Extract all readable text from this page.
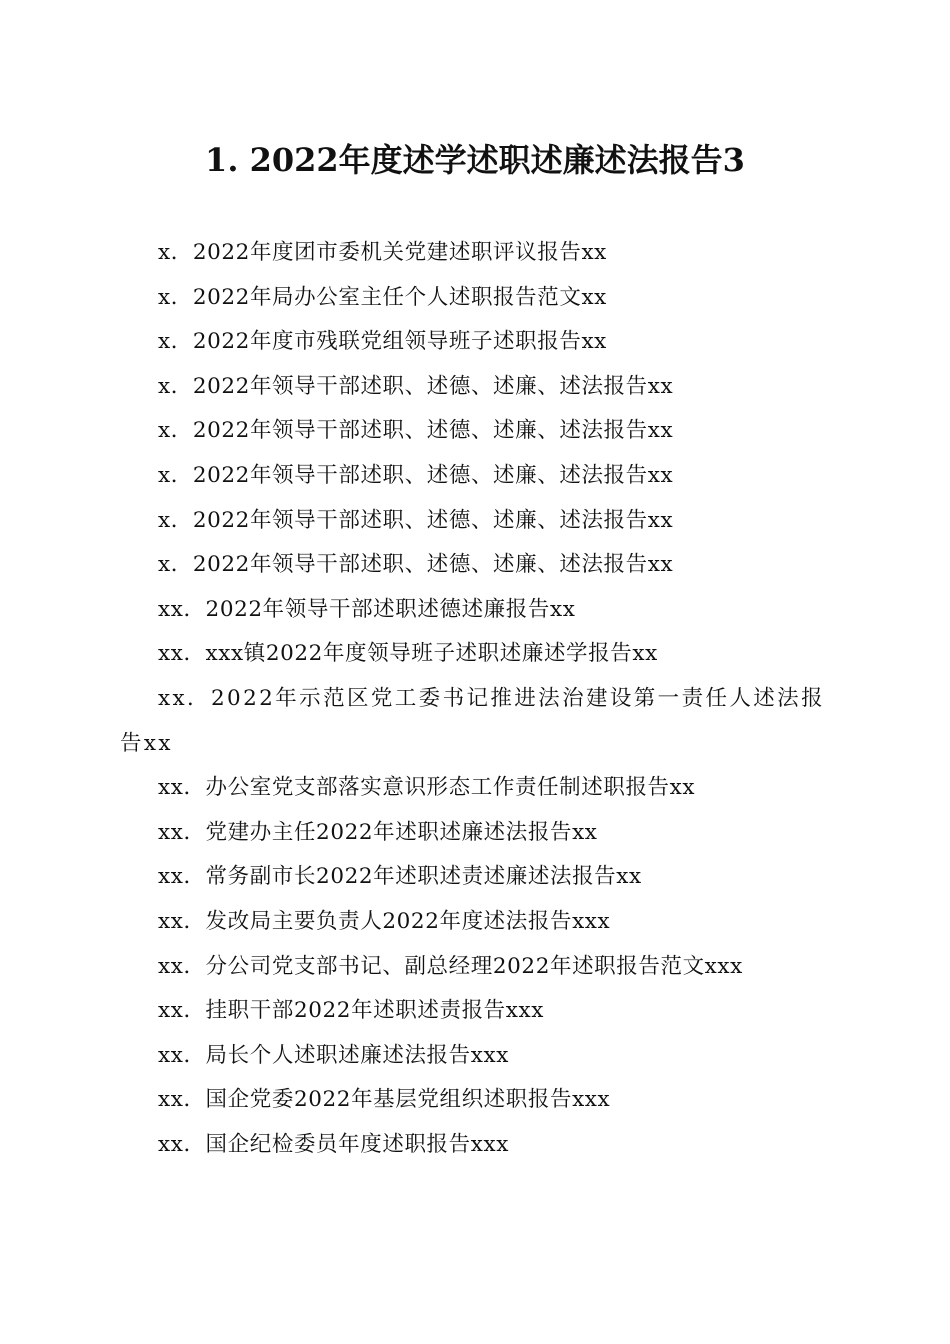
1. 2022年度述学述职述廉述法报告3
x．2022年度团市委机关党建述职评议报告xx
x．2022年局办公室主任个人述职报告范文xx
x．2022年度市残联党组领导班子述职报告xx
x．2022年领导干部述职、述德、述廉、述法报告xx
x．2022年领导干部述职、述德、述廉、述法报告xx
x．2022年领导干部述职、述德、述廉、述法报告xx
x．2022年领导干部述职、述德、述廉、述法报告xx
x．2022年领导干部述职、述德、述廉、述法报告xx
xx．2022年领导干部述职述德述廉报告xx
xx．xxx镇2022年度领导班子述职述廉述学报告xx
xx．2022年示范区党工委书记推进法治建设第一责任人述法报告xx
xx．办公室党支部落实意识形态工作责任制述职报告xx
xx．党建办主任2022年述职述廉述法报告xx
xx．常务副市长2022年述职述责述廉述法报告xx
xx．发改局主要负责人2022年度述法报告xxx
xx．分公司党支部书记、副总经理2022年述职报告范文xxx
xx．挂职干部2022年述职述责报告xxx
xx．局长个人述职述廉述法报告xxx
xx．国企党委2022年基层党组织述职报告xxx
xx．国企纪检委员年度述职报告xxx
